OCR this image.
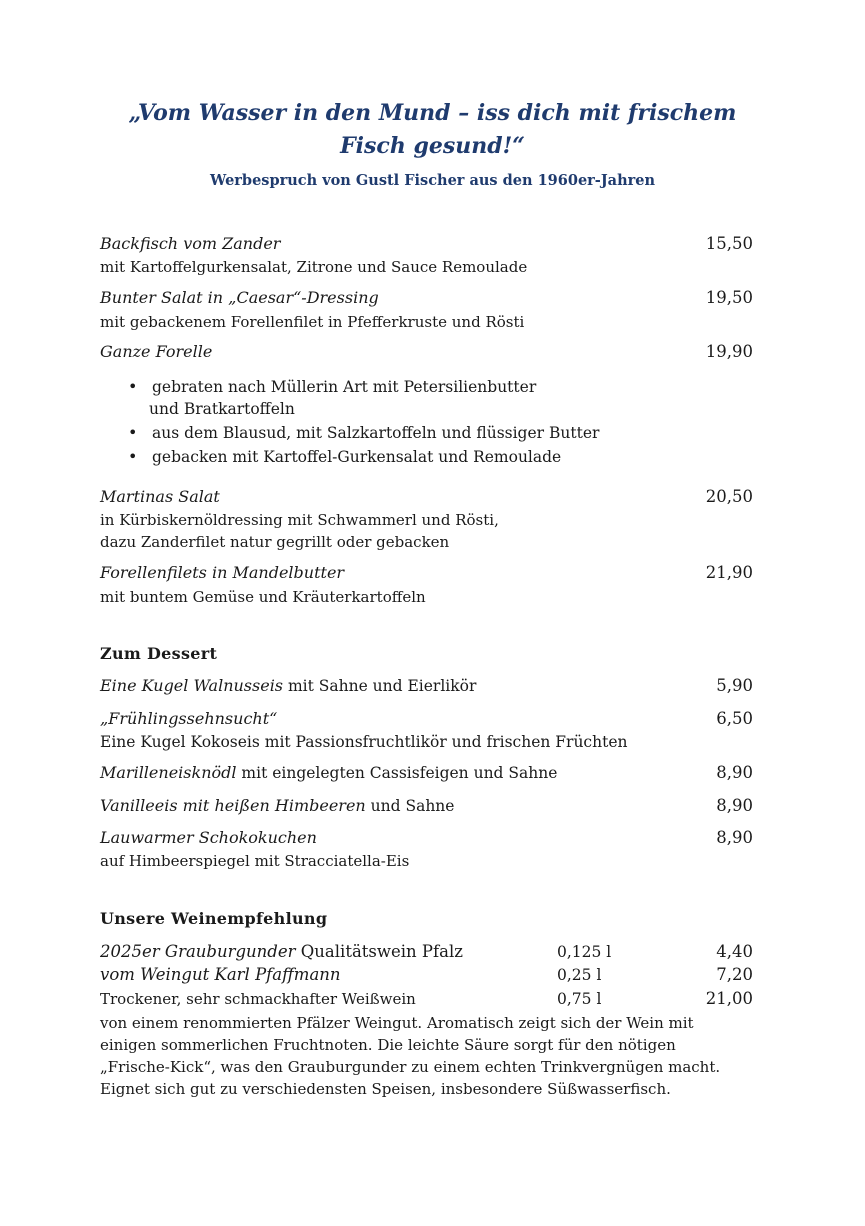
„Vom Wasser in den Mund – iss dich mit frischem
Fisch gesund!“
Werbespruch von Gustl Fischer aus den 1960er-Jahren
Backfisch vom Zander	15,50
mit Kartoffelgurkensalat, Zitrone und Sauce Remoulade
Bunter Salat in „Caesar“-Dressing	19,50
mit gebackenem Forellenfilet in Pfefferkruste und Rösti
Ganze Forelle	19,90
• gebraten nach Müllerin Art mit Petersilienbutter
und Bratkartoffeln
• aus dem Blausud, mit Salzkartoffeln und flüssiger Butter
• gebacken mit Kartoffel-Gurkensalat und Remoulade
Martinas Salat	20,50
in Kürbiskernöldressing mit Schwammerl und Rösti,
dazu Zanderfilet natur gegrillt oder gebacken
Forellenfilets in Mandelbutter	21,90
mit buntem Gemüse und Kräuterkartoffeln
Zum Dessert
Eine Kugel Walnusseis mit Sahne und Eierlikör	5,90
„Frühlingssehnsucht“	6,50
Eine Kugel Kokoseis mit Passionsfruchtlikör und frischen Früchten
Marilleneisknödl mit eingelegten Cassisfeigen und Sahne	8,90
Vanilleeis mit heißen Himbeeren und Sahne	8,90
Lauwarmer Schokokuchen	8,90
auf Himbeerspiegel mit Stracciatella-Eis
Unsere Weinempfehlung
2025er Grauburgunder Qualitätswein Pfalz	0,125 l	4,40
vom Weingut Karl Pfaffmann	0,25 l	7,20
Trockener, sehr schmackhafter Weißwein	0,75 l	21,00
von einem renommierten Pfälzer Weingut. Aromatisch zeigt sich der Wein mit
einigen sommerlichen Fruchtnoten. Die leichte Säure sorgt für den nötigen
„Frische-Kick“, was den Grauburgunder zu einem echten Trinkvergnügen macht.
Eignet sich gut zu verschiedensten Speisen, insbesondere Süßwasserfisch.
